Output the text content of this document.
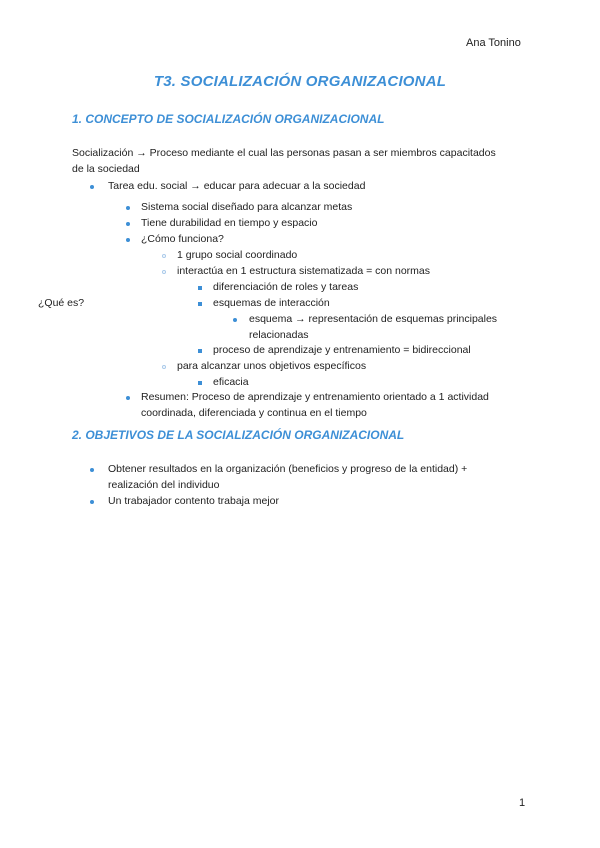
Ana Tonino
T3. SOCIALIZACIÓN ORGANIZACIONAL
1. CONCEPTO DE SOCIALIZACIÓN ORGANIZACIONAL
Socialización → Proceso mediante el cual las personas pasan a ser miembros capacitados
de la sociedad
Tarea edu. social → educar para adecuar a la sociedad
Sistema social diseñado para alcanzar metas
Tiene durabilidad en tiempo y espacio
¿Cómo funciona?
1 grupo social coordinado
interactúa en 1 estructura sistematizada = con normas
diferenciación de roles y tareas
¿Qué es?	esquemas de interacción
esquema → representación de esquemas principales
relacionadas
proceso de aprendizaje y entrenamiento = bidireccional
para alcanzar unos objetivos específicos
eficacia
Resumen: Proceso de aprendizaje y entrenamiento orientado a 1 actividad
coordinada, diferenciada y continua en el tiempo
2. OBJETIVOS DE LA SOCIALIZACIÓN ORGANIZACIONAL
Obtener resultados en la organización (beneficios y progreso de la entidad) +
realización del individuo
Un trabajador contento trabaja mejor
1
